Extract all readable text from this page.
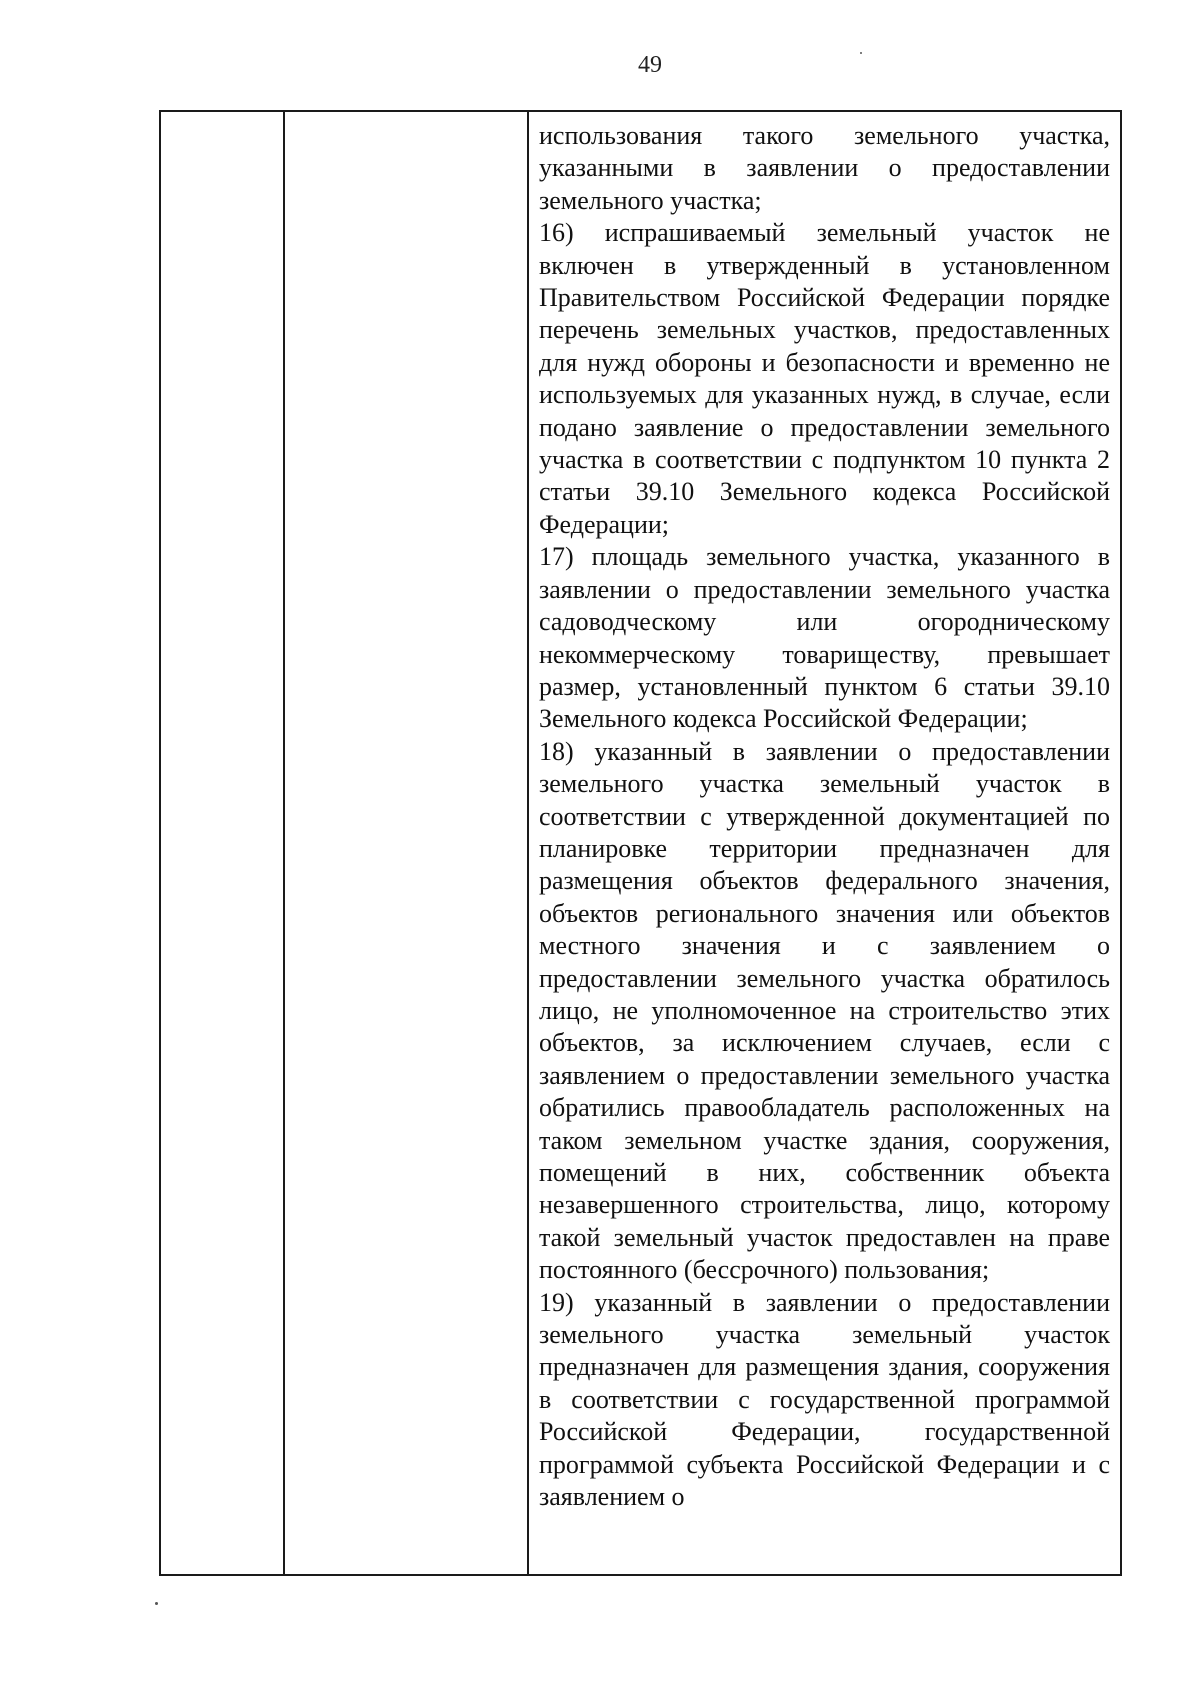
49

использования такого земельного участка, указанными в заявлении о предоставлении земельного участка;

16) испрашиваемый земельный участок не включен в утвержденный в установленном Правительством Российской Федерации порядке перечень земельных участков, предоставленных для нужд обороны и безопасности и временно не используемых для указанных нужд, в случае, если подано заявление о предоставлении земельного участка в соответствии с подпунктом 10 пункта 2 статьи 39.10 Земельного кодекса Российской Федерации;

17) площадь земельного участка, указанного в заявлении о предоставлении земельного участка садоводческому или огородническому некоммерческому товариществу, превышает размер, установленный пунктом 6 статьи 39.10 Земельного кодекса Российской Федерации;

18) указанный в заявлении о предоставлении земельного участка земельный участок в соответствии с утвержденной документацией по планировке территории предназначен для размещения объектов федерального значения, объектов регионального значения или объектов местного значения и с заявлением о предоставлении земельного участка обратилось лицо, не уполномоченное на строительство этих объектов, за исключением случаев, если с заявлением о предоставлении земельного участка обратились правообладатель расположенных на таком земельном участке здания, сооружения, помещений в них, собственник объекта незавершенного строительства, лицо, которому такой земельный участок предоставлен на праве постоянного (бессрочного) пользования;

19) указанный в заявлении о предоставлении земельного участка земельный участок предназначен для размещения здания, сооружения в соответствии с государственной программой Российской Федерации, государственной программой субъекта Российской Федерации и с заявлением о
